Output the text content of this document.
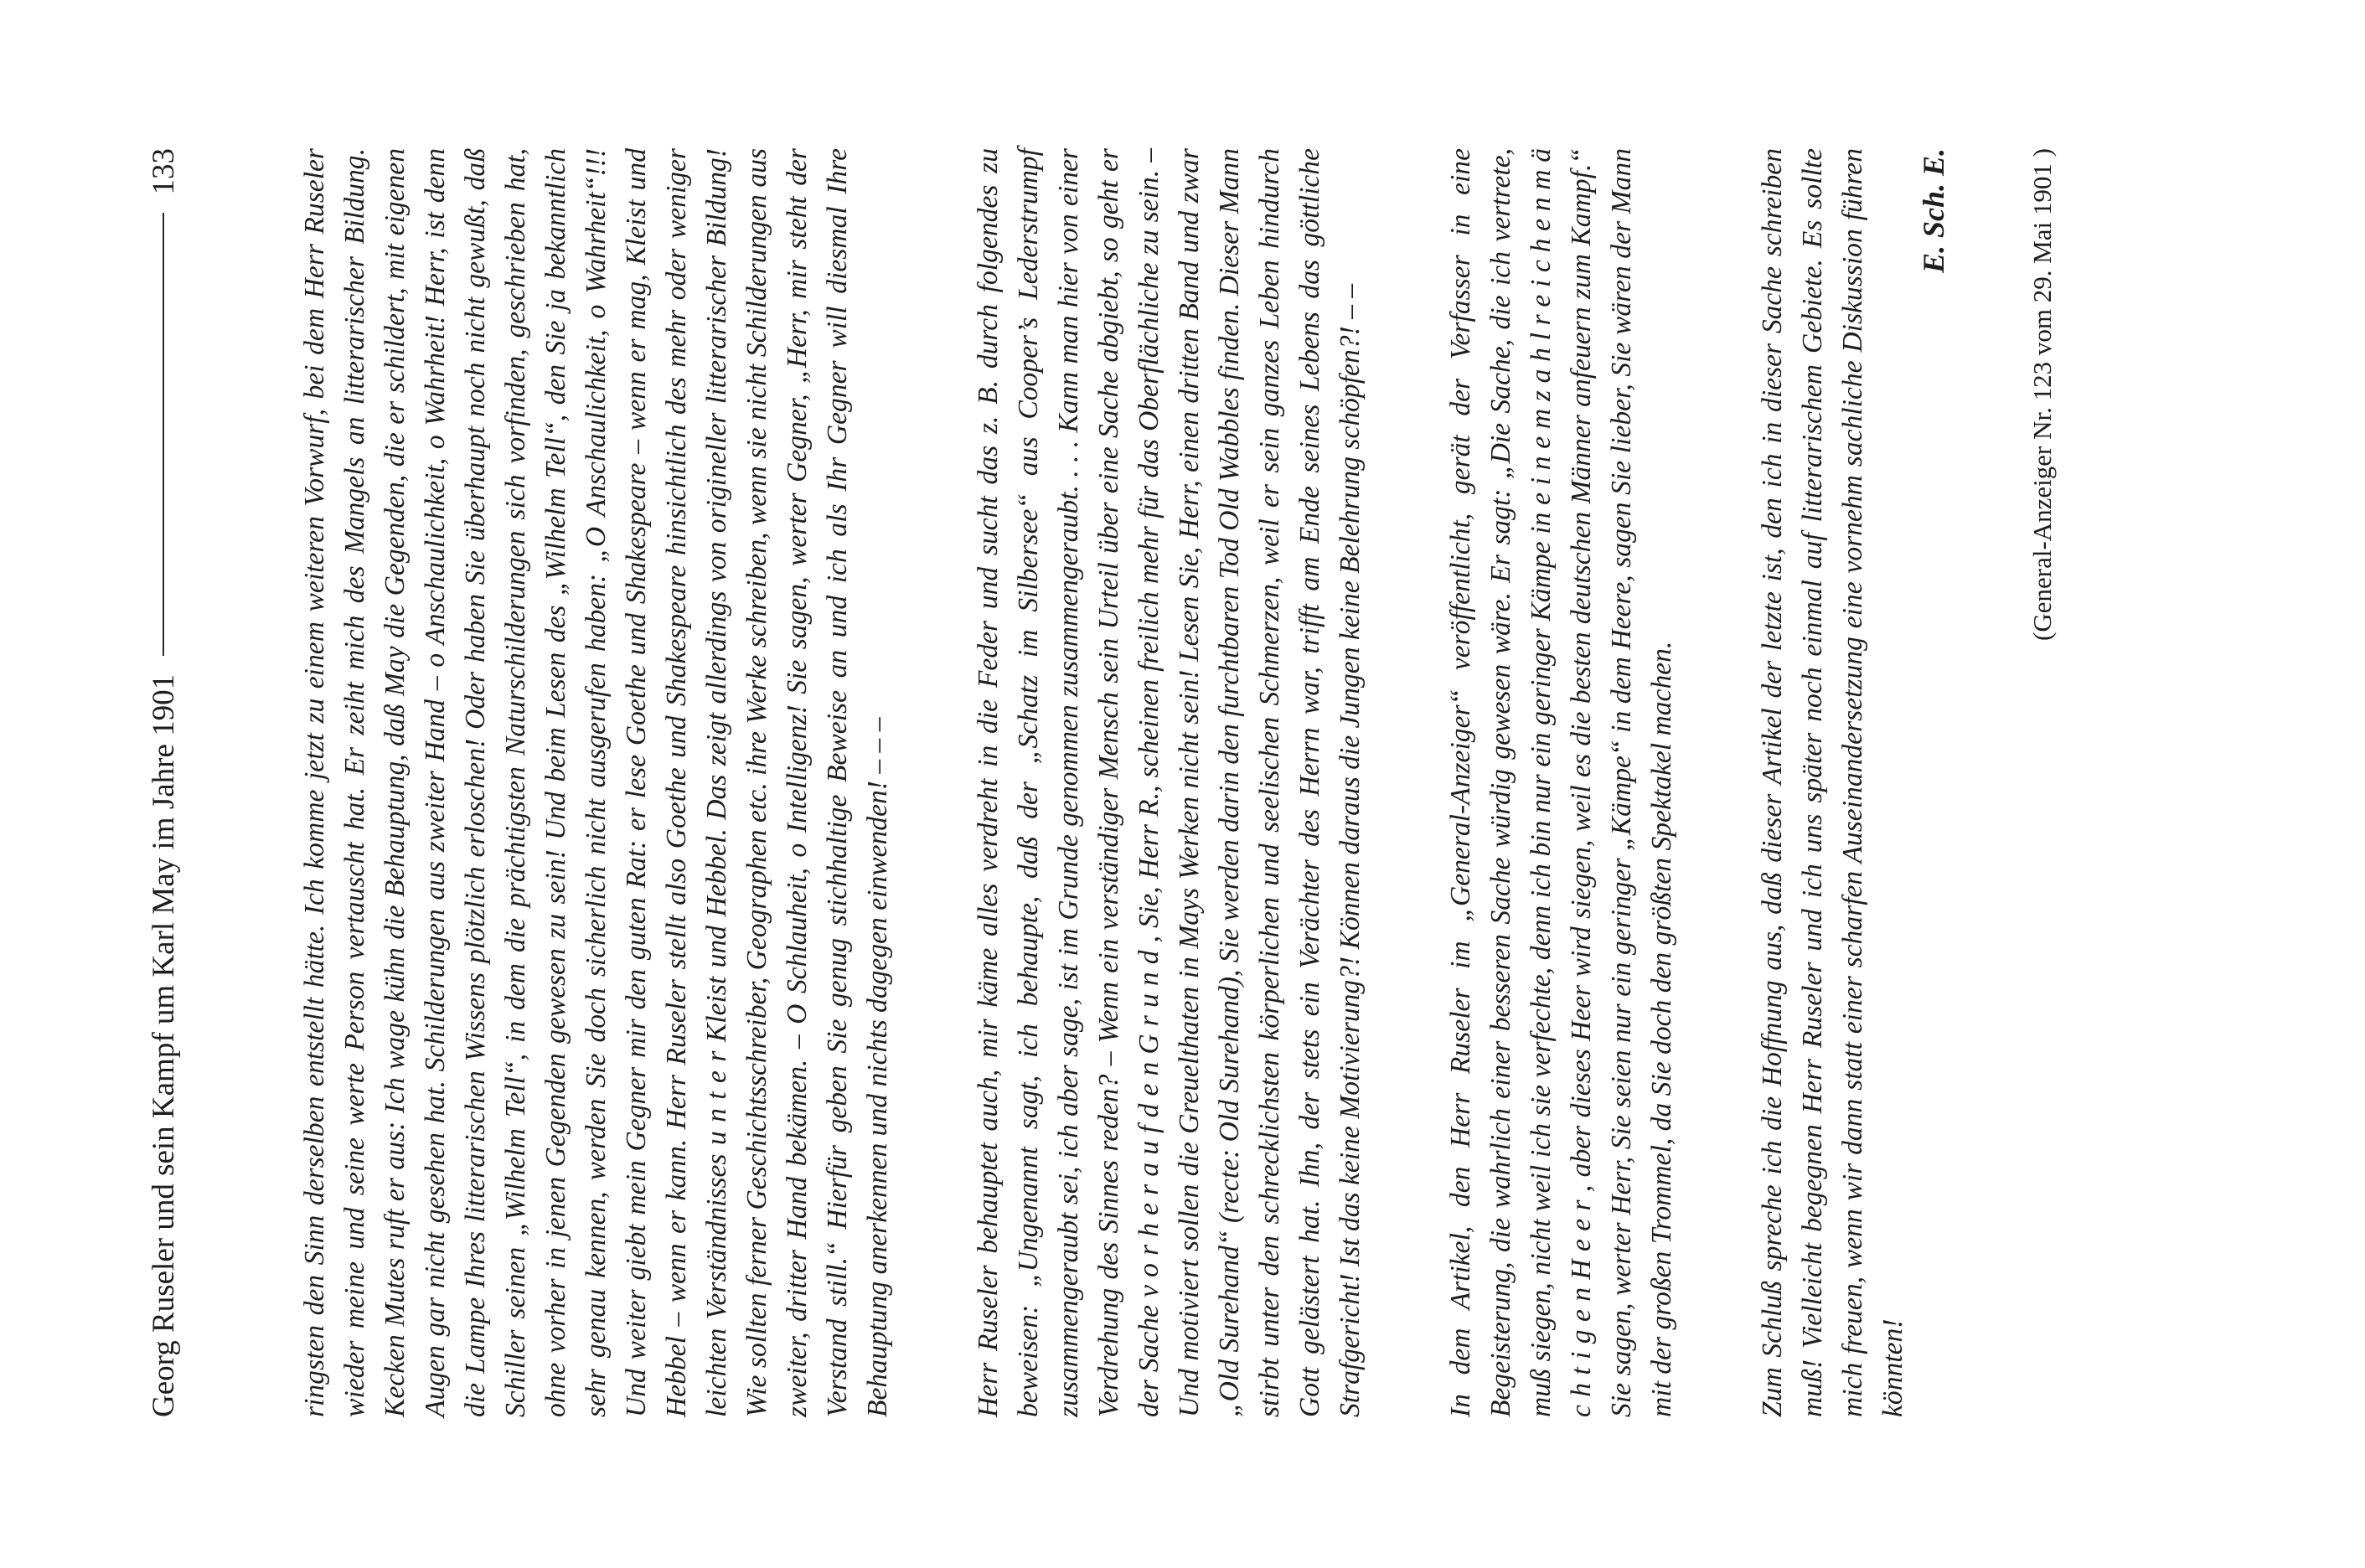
Georg Ruseler und sein Kampf um Karl May im Jahre 1901
133	ringsten den Sinn derselben entstellt hätte. Ich komme jetzt zu einem weiteren Vorwurf, bei dem Herr Ruseler wieder meine und seine werte Person vertauscht hat. Er zeiht mich des Mangels an litterarischer Bildung. Kecken Mutes ruft er aus: Ich wage kühn die Behauptung, daß May die Gegenden, die er schildert, mit eigenen Augen gar nicht gesehen hat. Schilderungen aus zweiter Hand – o Anschaulichkeit, o Wahrheit! Herr, ist denn die Lampe Ihres litterarischen Wissens plötzlich erloschen! Oder haben Sie überhaupt noch nicht gewußt, daß Schiller seinen „Wilhelm Tell“, in dem die prächtigsten Naturschilderungen sich vorfinden, geschrieben hat, ohne vorher in jenen Gegenden gewesen zu sein! Und beim Lesen des „Wilhelm Tell“, den Sie ja bekanntlich sehr genau kennen, werden Sie doch sicherlich nicht ausgerufen haben: „O Anschaulichkeit, o Wahrheit“!!! Und weiter giebt mein Gegner mir den guten Rat: er lese Goethe und Shakespeare – wenn er mag, Kleist und Hebbel – wenn er kann. Herr Ruseler stellt also Goethe und Shakespeare hinsichtlich des mehr oder weniger leichten Verständnisses u n t e r Kleist und Hebbel. Das zeigt allerdings von origineller litterarischer Bildung! Wie sollten ferner Geschichtsschreiber, Geographen etc. ihre Werke schreiben, wenn sie nicht Schilderungen aus zweiter, dritter Hand bekämen. – O Schlauheit, o Intelligenz! Sie sagen, werter Gegner, „Herr, mir steht der Verstand still.“ Hierfür geben Sie genug stichhaltige Beweise an und ich als Ihr Gegner will diesmal Ihre Behauptung anerkennen und nichts dagegen einwenden! – – –	Herr Ruseler behauptet auch, mir käme alles verdreht in die Feder und sucht das z. B. durch folgendes zu beweisen: „Ungenannt sagt, ich behaupte, daß der „Schatz im Silbersee“ aus Cooper’s Lederstrumpf zusammengeraubt sei, ich aber sage, ist im Grunde genommen zusammengeraubt. . . . Kann man hier von einer Verdrehung des Sinnes reden? – Wenn ein verständiger Mensch sein Urteil über eine Sache abgiebt, so geht er der Sache v o r h e r a u f d e n G r u n d , Sie, Herr R., scheinen freilich mehr für das Oberflächliche zu sein. – Und motiviert sollen die Greuelthaten in Mays Werken nicht sein! Lesen Sie, Herr, einen dritten Band und zwar „Old Surehand“ (recte: Old Surehand), Sie werden darin den furchtbaren Tod Old Wabbles finden. Dieser Mann stirbt unter den schrecklichsten körperlichen und seelischen Schmerzen, weil er sein ganzes Leben hindurch Gott gelästert hat. Ihn, der stets ein Verächter des Herrn war, trifft am Ende seines Lebens das göttliche Strafgericht! Ist das keine Motivierung?! Können daraus die Jungen keine Belehrung schöpfen?! – –	In dem Artikel, den Herr Ruseler im „General-Anzeiger“ veröffentlicht, gerät der Verfasser in eine Begeisterung, die wahrlich einer besseren Sache würdig gewesen wäre. Er sagt: „Die Sache, die ich vertrete, muß siegen, nicht weil ich sie verfechte, denn ich bin nur ein geringer Kämpe in e i n e m z a h l r e i c h e n m ä c h t i g e n H e e r , aber dieses Heer wird siegen, weil es die besten deutschen Männer anfeuern zum Kampf.“ Sie sagen, werter Herr, Sie seien nur ein geringer „Kämpe“ in dem Heere, sagen Sie lieber, Sie wären der Mann mit der großen Trommel, da Sie doch den größten Spektakel machen.	Zum Schluß spreche ich die Hoffnung aus, daß dieser Artikel der letzte ist, den ich in dieser Sache schreiben muß! Vielleicht begegnen Herr Ruseler und ich uns später noch einmal auf litterarischem Gebiete. Es sollte mich freuen, wenn wir dann statt einer scharfen Auseinandersetzung eine vornehm sachliche Diskussion führen könnten!

E. Sch. E.	(General-Anzeiger Nr. 123 vom 29. Mai 1901 )
